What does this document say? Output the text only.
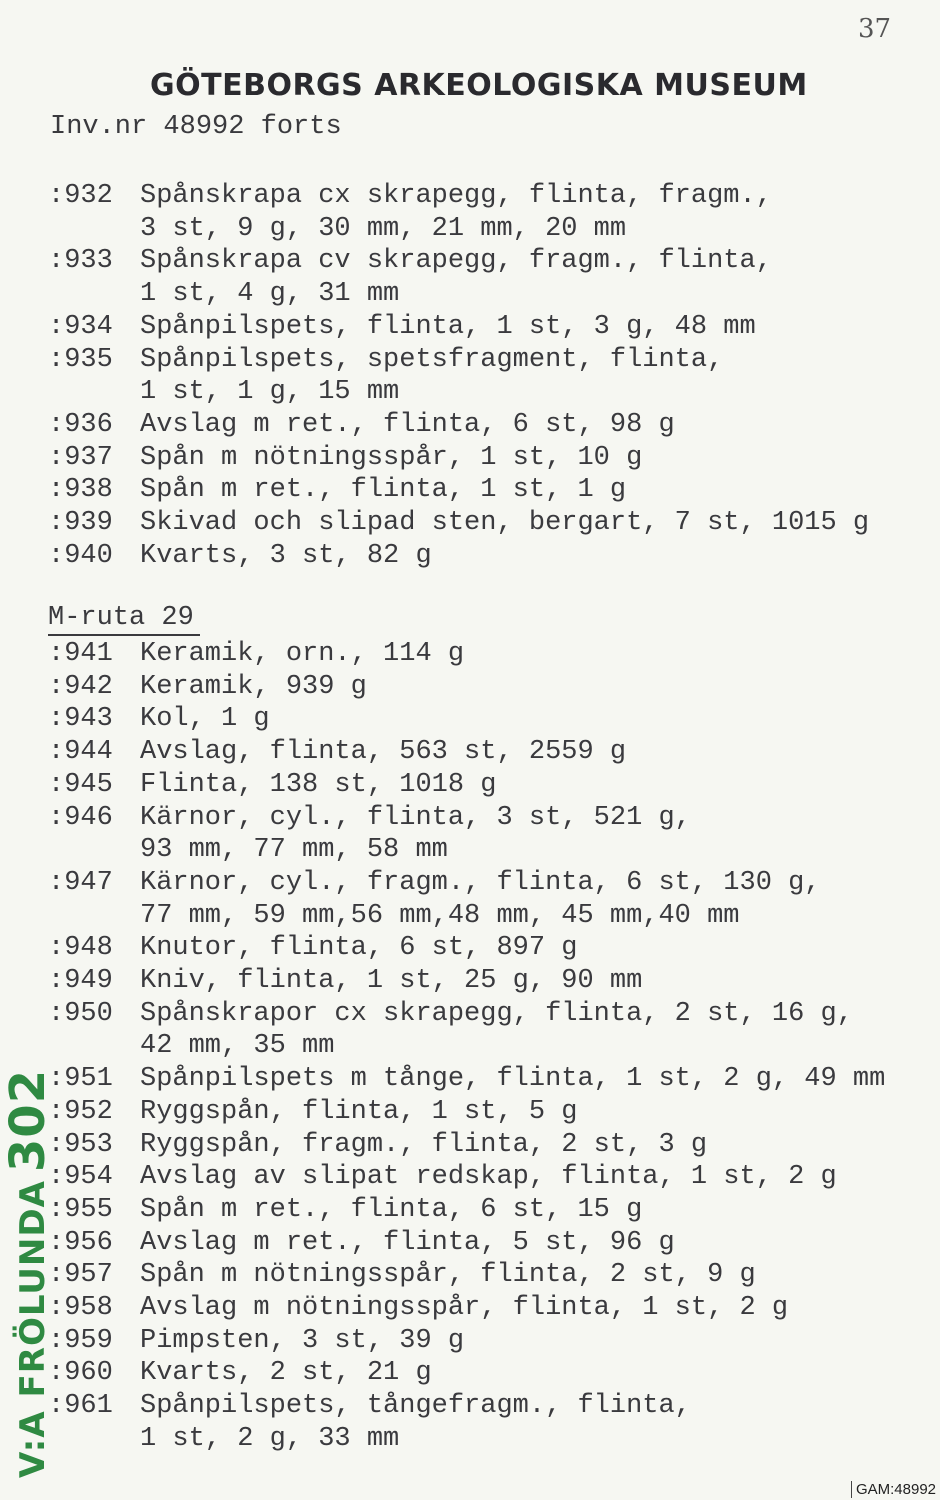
37
GÖTEBORGS ARKEOLOGISKA MUSEUM
Inv.nr 48992 forts
:932 Spånskrapa cx skrapegg, flinta, fragm.,
3 st, 9 g, 30 mm, 21 mm, 20 mm
:933 Spånskrapa cv skrapegg, fragm., flinta,
1 st, 4 g, 31 mm
:934 Spånpilspets, flinta, 1 st, 3 g, 48 mm
:935 Spånpilspets, spetsfragment, flinta,
1 st, 1 g, 15 mm
:936 Avslag m ret., flinta, 6 st, 98 g
:937 Spån m nötningsspår, 1 st, 10 g
:938 Spån m ret., flinta, 1 st, 1 g
:939 Skivad och slipad sten, bergart, 7 st, 1015 g
:940 Kvarts, 3 st, 82 g
M-ruta 29
:941 Keramik, orn., 114 g
:942 Keramik, 939 g
:943 Kol, 1 g
:944 Avslag, flinta, 563 st, 2559 g
:945 Flinta, 138 st, 1018 g
:946 Kärnor, cyl., flinta, 3 st, 521 g,
93 mm, 77 mm, 58 mm
:947 Kärnor, cyl., fragm., flinta, 6 st, 130 g,
77 mm, 59 mm,56 mm,48 mm, 45 mm,40 mm
:948 Knutor, flinta, 6 st, 897 g
:949 Kniv, flinta, 1 st, 25 g, 90 mm
:950 Spånskrapor cx skrapegg, flinta, 2 st, 16 g,
42 mm, 35 mm
:951 Spånpilspets m tånge, flinta, 1 st, 2 g, 49 mm
:952 Ryggspån, flinta, 1 st, 5 g
:953 Ryggspån, fragm., flinta, 2 st, 3 g
:954 Avslag av slipat redskap, flinta, 1 st, 2 g
:955 Spån m ret., flinta, 6 st, 15 g
:956 Avslag m ret., flinta, 5 st, 96 g
:957 Spån m nötningsspår, flinta, 2 st, 9 g
:958 Avslag m nötningsspår, flinta, 1 st, 2 g
:959 Pimpsten, 3 st, 39 g
:960 Kvarts, 2 st, 21 g
:961 Spånpilspets, tångefragm., flinta,
1 st, 2 g, 33 mm
V:A FRÖLUNDA302
GAM:48992
